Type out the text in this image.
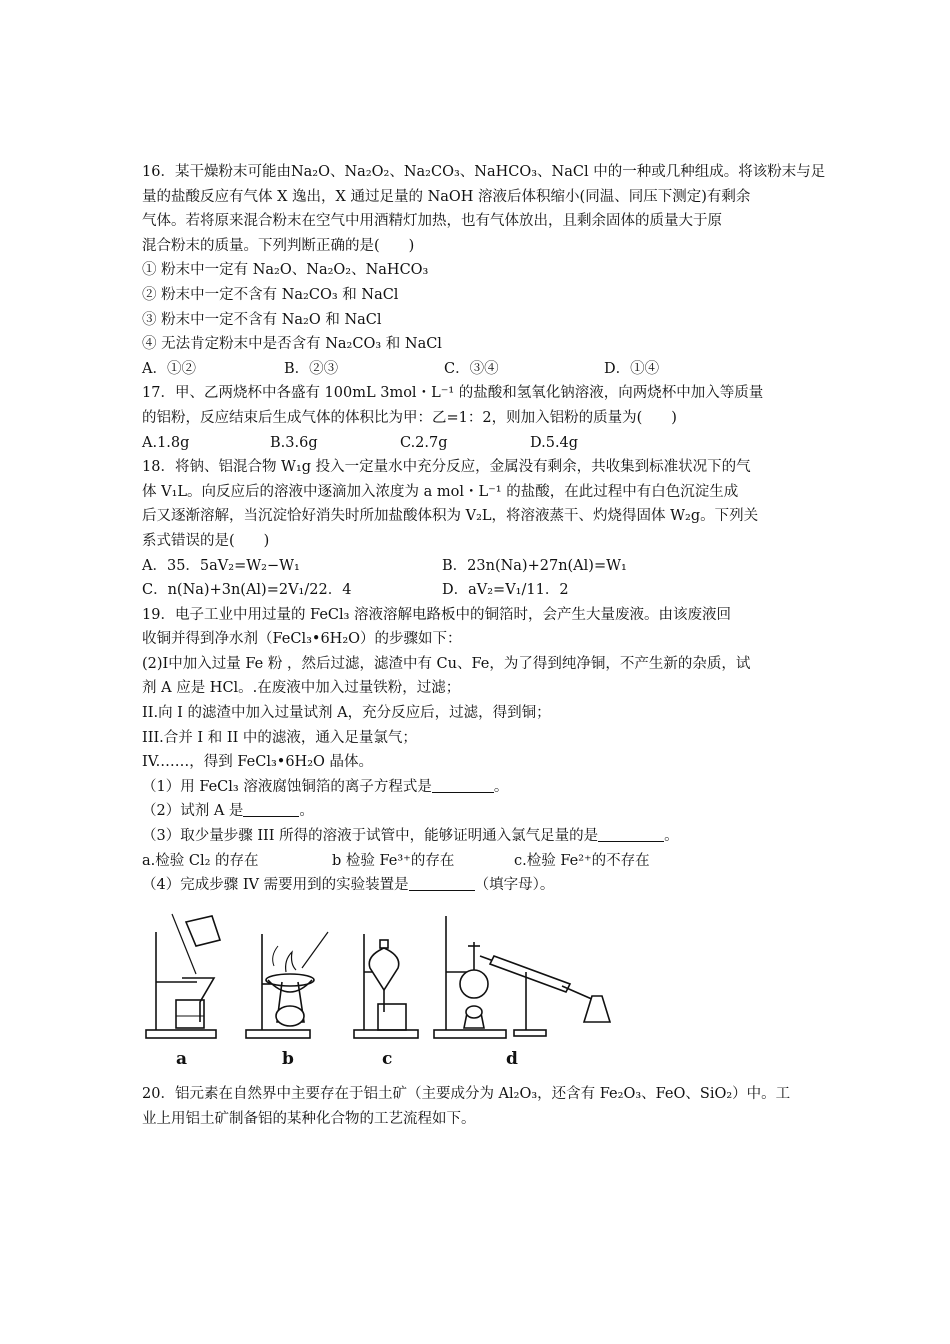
16．某干燥粉末可能由Na₂O、Na₂O₂、Na₂CO₃、NaHCO₃、NaCl 中的一种或几种组成。将该粉末与足
量的盐酸反应有气体 X 逸出，X 通过足量的 NaOH 溶液后体积缩小(同温、同压下测定)有剩余
气体。若将原来混合粉末在空气中用酒精灯加热，也有气体放出，且剩余固体的质量大于原
混合粉末的质量。下列判断正确的是(　　)
① 粉末中一定有 Na₂O、Na₂O₂、NaHCO₃
② 粉末中一定不含有 Na₂CO₃ 和 NaCl
③ 粉末中一定不含有 Na₂O 和 NaCl
④ 无法肯定粉末中是否含有 Na₂CO₃ 和 NaCl
A．①②	B．②③	C．③④	D．①④
17．甲、乙两烧杯中各盛有 100mL 3mol・L⁻¹ 的盐酸和氢氧化钠溶液，向两烧杯中加入等质量
的铝粉，反应结束后生成气体的体积比为甲：乙=1：2，则加入铝粉的质量为(　　)
A.1.8g	B.3.6g	C.2.7g	D.5.4g
18．将钠、铝混合物 W₁g 投入一定量水中充分反应，金属没有剩余，共收集到标准状况下的气
体 V₁L。向反应后的溶液中逐滴加入浓度为 a mol・L⁻¹ 的盐酸，在此过程中有白色沉淀生成
后又逐渐溶解，当沉淀恰好消失时所加盐酸体积为 V₂L，将溶液蒸干、灼烧得固体 W₂g。下列关
系式错误的是(　　)
A．35．5aV₂=W₂−W₁	B．23n(Na)+27n(Al)=W₁
C．n(Na)+3n(Al)=2V₁/22．4	D．aV₂=V₁/11．2
19．电子工业中用过量的 FeCl₃ 溶液溶解电路板中的铜箔时，会产生大量废液。由该废液回
收铜并得到净水剂（FeCl₃•6H₂O）的步骤如下：
(2)Ⅰ中加入过量 Fe 粉 ，然后过滤，滤渣中有 Cu、Fe，为了得到纯净铜，不产生新的杂质，试
剂 A 应是 HCl。.在废液中加入过量铁粉，过滤；
II.向 I 的滤渣中加入过量试剂 A，充分反应后，过滤，得到铜；
III.合并 I 和 II 中的滤液，通入足量氯气；
IV.……，得到 FeCl₃•6H₂O 晶体。
（1）用 FeCl₃ 溶液腐蚀铜箔的离子方程式是	。
（2）试剂 A 是	。
（3）取少量步骤 III 所得的溶液于试管中，能够证明通入氯气足量的是	。
a.检验 Cl₂ 的存在	b 检验 Fe³⁺的存在	c.检验 Fe²⁺的不存在
（4）完成步骤 IV 需要用到的实验装置是	（填字母）。
a	b	c	d
20．铝元素在自然界中主要存在于铝土矿（主要成分为 Al₂O₃，还含有 Fe₂O₃、FeO、SiO₂）中。工
业上用铝土矿制备铝的某种化合物的工艺流程如下。
